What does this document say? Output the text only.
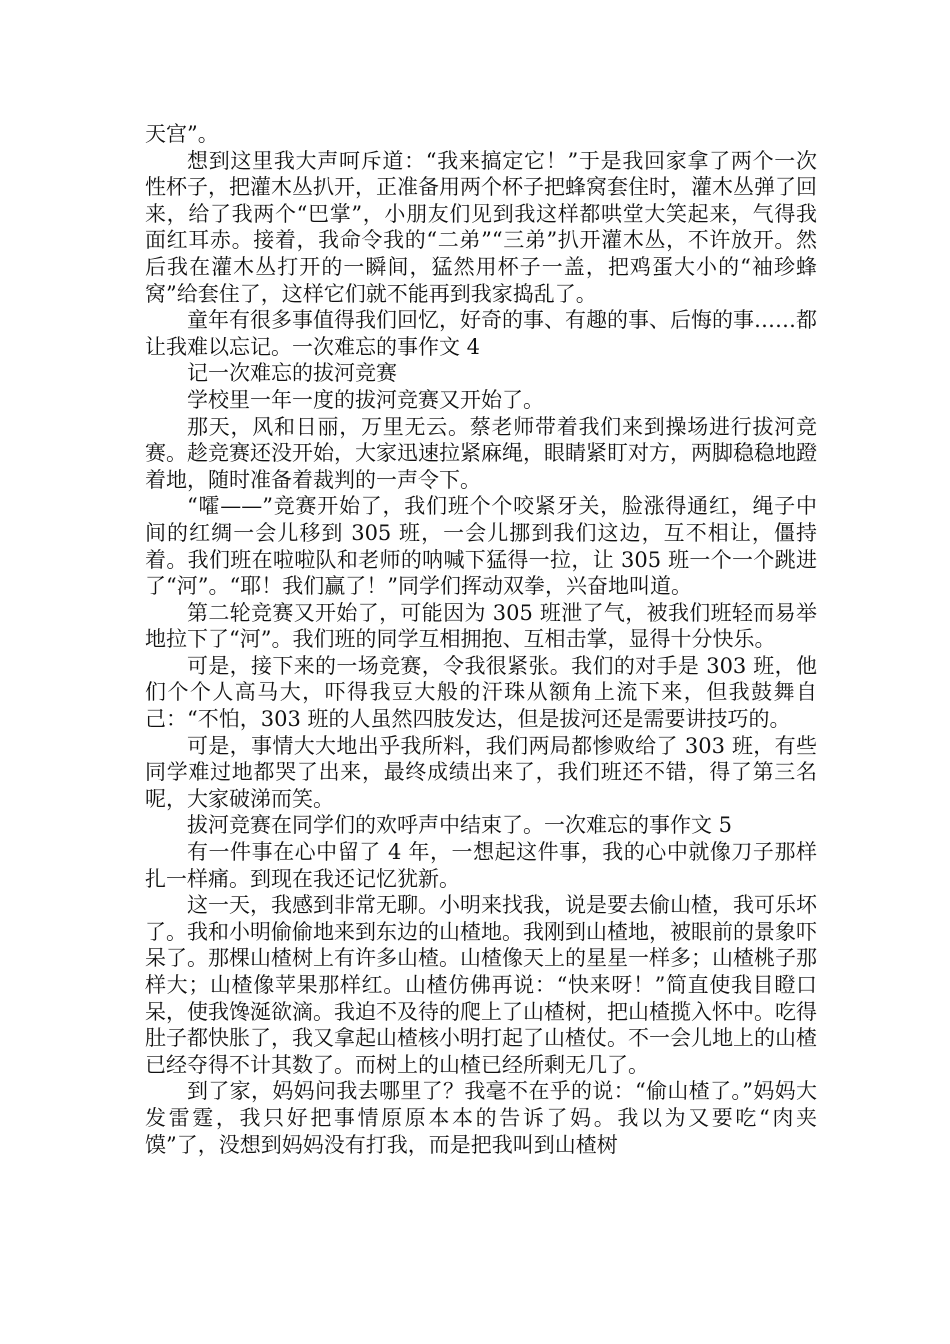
天宫”。

想到这里我大声呵斥道：“我来搞定它！”于是我回家拿了两个一次性杯子，把灌木丛扒开，正准备用两个杯子把蜂窝套住时，灌木丛弹了回来，给了我两个“巴掌”，小朋友们见到我这样都哄堂大笑起来，气得我面红耳赤。接着，我命令我的“二弟”“三弟”扒开灌木丛，不许放开。然后我在灌木丛打开的一瞬间，猛然用杯子一盖，把鸡蛋大小的“袖珍蜂窝”给套住了，这样它们就不能再到我家捣乱了。

童年有很多事值得我们回忆，好奇的事、有趣的事、后悔的事……都让我难以忘记。一次难忘的事作文 4

记一次难忘的拔河竞赛

学校里一年一度的拔河竞赛又开始了。

那天，风和日丽，万里无云。蔡老师带着我们来到操场进行拔河竞赛。趁竞赛还没开始，大家迅速拉紧麻绳，眼睛紧盯对方，两脚稳稳地蹬着地，随时准备着裁判的一声令下。

“嚯——”竞赛开始了，我们班个个咬紧牙关，脸涨得通红，绳子中间的红绸一会儿移到 305 班，一会儿挪到我们这边，互不相让，僵持着。我们班在啦啦队和老师的呐喊下猛得一拉，让 305 班一个一个跳进了“河”。“耶！我们赢了！”同学们挥动双拳，兴奋地叫道。

第二轮竞赛又开始了，可能因为 305 班泄了气，被我们班轻而易举地拉下了“河”。我们班的同学互相拥抱、互相击掌，显得十分快乐。

可是，接下来的一场竞赛，令我很紧张。我们的对手是 303 班，他们个个人高马大，吓得我豆大般的汗珠从额角上流下来，但我鼓舞自己：“不怕，303 班的人虽然四肢发达，但是拔河还是需要讲技巧的。

可是，事情大大地出乎我所料，我们两局都惨败给了 303 班，有些同学难过地都哭了出来，最终成绩出来了，我们班还不错，得了第三名呢，大家破涕而笑。

拔河竞赛在同学们的欢呼声中结束了。一次难忘的事作文 5

有一件事在心中留了 4 年，一想起这件事，我的心中就像刀子那样扎一样痛。到现在我还记忆犹新。

这一天，我感到非常无聊。小明来找我，说是要去偷山楂，我可乐坏了。我和小明偷偷地来到东边的山楂地。我刚到山楂地，被眼前的景象吓呆了。那棵山楂树上有许多山楂。山楂像天上的星星一样多；山楂桃子那样大；山楂像苹果那样红。山楂仿佛再说：“快来呀！”简直使我目瞪口呆，使我馋涎欲滴。我迫不及待的爬上了山楂树，把山楂揽入怀中。吃得肚子都快胀了，我又拿起山楂核小明打起了山楂仗。不一会儿地上的山楂已经夺得不计其数了。而树上的山楂已经所剩无几了。

到了家，妈妈问我去哪里了？我毫不在乎的说：“偷山楂了。”妈妈大发雷霆，我只好把事情原原本本的告诉了妈。我以为又要吃“肉夹馍”了，没想到妈妈没有打我，而是把我叫到山楂树
